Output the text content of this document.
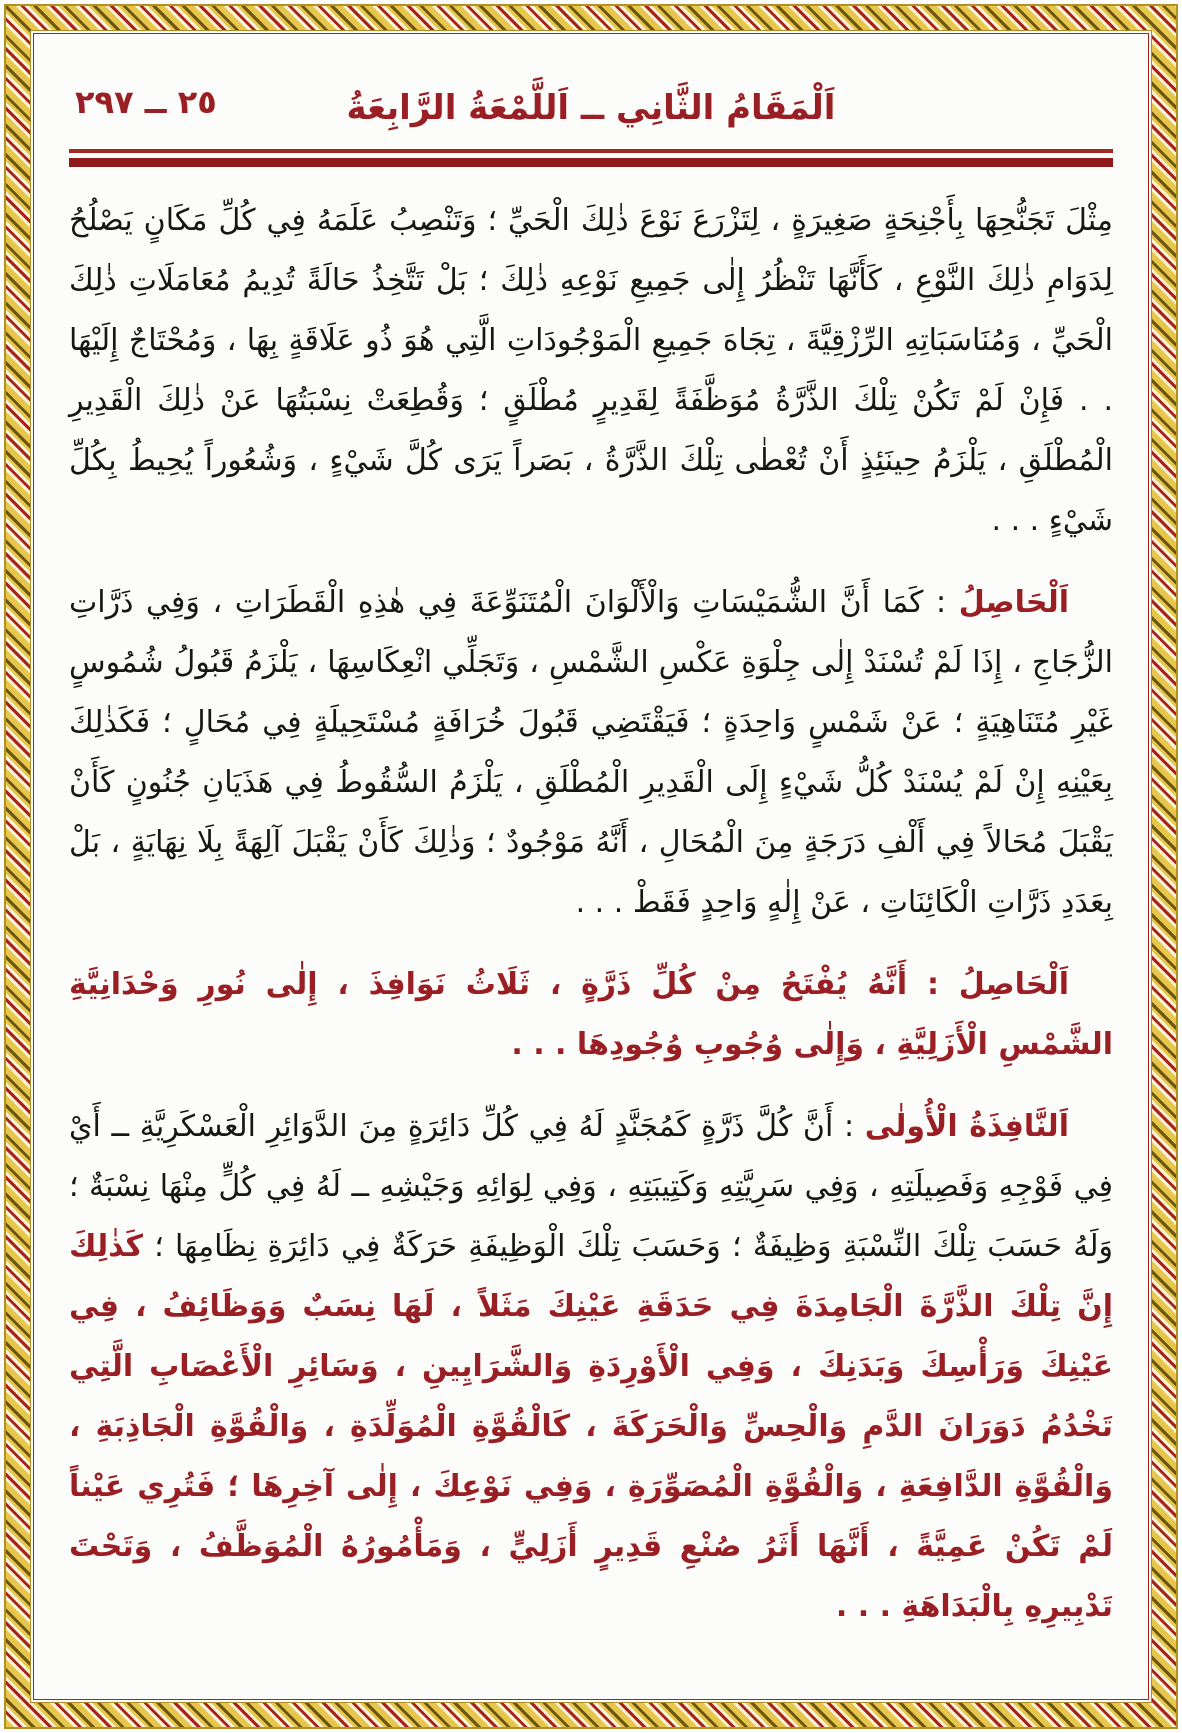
٢٥ ــ ٢٩٧	اَلْمَقَامُ الثَّانِي ــ اَللَّمْعَةُ الرَّابِعَةُ

مِثْلَ تَجَنُّحِهَا بِأَجْنِحَةٍ صَغِيرَةٍ ، لِتَزْرَعَ نَوْعَ ذٰلِكَ الْحَيِّ ؛ وَتَنْصِبُ عَلَمَهُ فِي كُلِّ مَكَانٍ يَصْلُحُ لِدَوَامِ ذٰلِكَ النَّوْعِ ، كَأَنَّهَا تَنْظُرُ إِلٰى جَمِيعِ نَوْعِهِ ذٰلِكَ ؛ بَلْ تَتَّخِذُ حَالَةً تُدِيمُ مُعَامَلَاتِ ذٰلِكَ الْحَيِّ ، وَمُنَاسَبَاتِهِ الرِّزْقِيَّةَ ، تِجَاهَ جَمِيعِ الْمَوْجُودَاتِ الَّتِي هُوَ ذُو عَلَاقَةٍ بِهَا ، وَمُحْتَاجٌ إِلَيْهَا . . فَإِنْ لَمْ تَكُنْ تِلْكَ الذَّرَّةُ مُوَظَّفَةً لِقَدِيرٍ مُطْلَقٍ ؛ وَقُطِعَتْ نِسْبَتُهَا عَنْ ذٰلِكَ الْقَدِيرِ الْمُطْلَقِ ، يَلْزَمُ حِينَئِذٍ أَنْ تُعْطٰى تِلْكَ الذَّرَّةُ ، بَصَراً يَرَى كُلَّ شَيْءٍ ، وَشُعُوراً يُحِيطُ بِكُلِّ شَيْءٍ . . .

اَلْحَاصِلُ : كَمَا أَنَّ الشُّمَيْسَاتِ وَالْأَلْوَانَ الْمُتَنَوِّعَةَ فِي هٰذِهِ الْقَطَرَاتِ ، وَفِي ذَرَّاتِ الزُّجَاجِ ، إِذَا لَمْ تُسْنَدْ إِلٰى جِلْوَةِ عَكْسِ الشَّمْسِ ، وَتَجَلِّي انْعِكَاسِهَا ، يَلْزَمُ قَبُولُ شُمُوسٍ غَيْرِ مُتَنَاهِيَةٍ ؛ عَنْ شَمْسٍ وَاحِدَةٍ ؛ فَيَقْتَضِي قَبُولَ خُرَافَةٍ مُسْتَحِيلَةٍ فِي مُحَالٍ ؛ فَكَذٰلِكَ بِعَيْنِهِ إِنْ لَمْ يُسْنَدْ كُلُّ شَيْءٍ إِلَى الْقَدِيرِ الْمُطْلَقِ ، يَلْزَمُ السُّقُوطُ فِي هَذَيَانِ جُنُونٍ كَأَنْ يَقْبَلَ مُحَالاً فِي أَلْفِ دَرَجَةٍ مِنَ الْمُحَالِ ، أَنَّهُ مَوْجُودٌ ؛ وَذٰلِكَ كَأَنْ يَقْبَلَ آلِهَةً بِلَا نِهَايَةٍ ، بَلْ بِعَدَدِ ذَرَّاتِ الْكَائِنَاتِ ، عَنْ إِلٰهٍ وَاحِدٍ فَقَطْ . . .

اَلْحَاصِلُ : أَنَّهُ يُفْتَحُ مِنْ كُلِّ ذَرَّةٍ ، ثَلَاثُ نَوَافِذَ ، إِلٰى نُورِ وَحْدَانِيَّةِ الشَّمْسِ الْأَزَلِيَّةِ ، وَإِلٰى وُجُوبِ وُجُودِهَا . . .

اَلنَّافِذَةُ الْأُولٰى : أَنَّ كُلَّ ذَرَّةٍ كَمُجَنَّدٍ لَهُ فِي كُلِّ دَائِرَةٍ مِنَ الدَّوَائِرِ الْعَسْكَرِيَّةِ ــ أَيْ فِي فَوْجِهِ وَفَصِيلَتِهِ ، وَفِي سَرِيَّتِهِ وَكَتِيبَتِهِ ، وَفِي لِوَائِهِ وَجَيْشِهِ ــ لَهُ فِي كُلٍّ مِنْهَا نِسْبَةٌ ؛ وَلَهُ حَسَبَ تِلْكَ النِّسْبَةِ وَظِيفَةٌ ؛ وَحَسَبَ تِلْكَ الْوَظِيفَةِ حَرَكَةٌ فِي دَائِرَةِ نِظَامِهَا ؛ كَذٰلِكَ إِنَّ تِلْكَ الذَّرَّةَ الْجَامِدَةَ فِي حَدَقَةِ عَيْنِكَ مَثَلاً ، لَهَا نِسَبٌ وَوَظَائِفُ ، فِي عَيْنِكَ وَرَأْسِكَ وَبَدَنِكَ ، وَفِي الْأَوْرِدَةِ وَالشَّرَايِينِ ، وَسَائِرِ الْأَعْصَابِ الَّتِي تَخْدُمُ دَوَرَانَ الدَّمِ وَالْحِسِّ وَالْحَرَكَةَ ، كَالْقُوَّةِ الْمُوَلِّدَةِ ، وَالْقُوَّةِ الْجَاذِبَةِ ، وَالْقُوَّةِ الدَّافِعَةِ ، وَالْقُوَّةِ الْمُصَوِّرَةِ ، وَفِي نَوْعِكَ ، إِلٰى آخِرِهَا ؛ فَتُرِي عَيْناً لَمْ تَكُنْ عَمِيَّةً ، أَنَّهَا أَثَرُ صُنْعِ قَدِيرٍ أَزَلِيٍّ ، وَمَأْمُورُهُ الْمُوَظَّفُ ، وَتَحْتَ تَدْبِيرِهِ بِالْبَدَاهَةِ . . .
